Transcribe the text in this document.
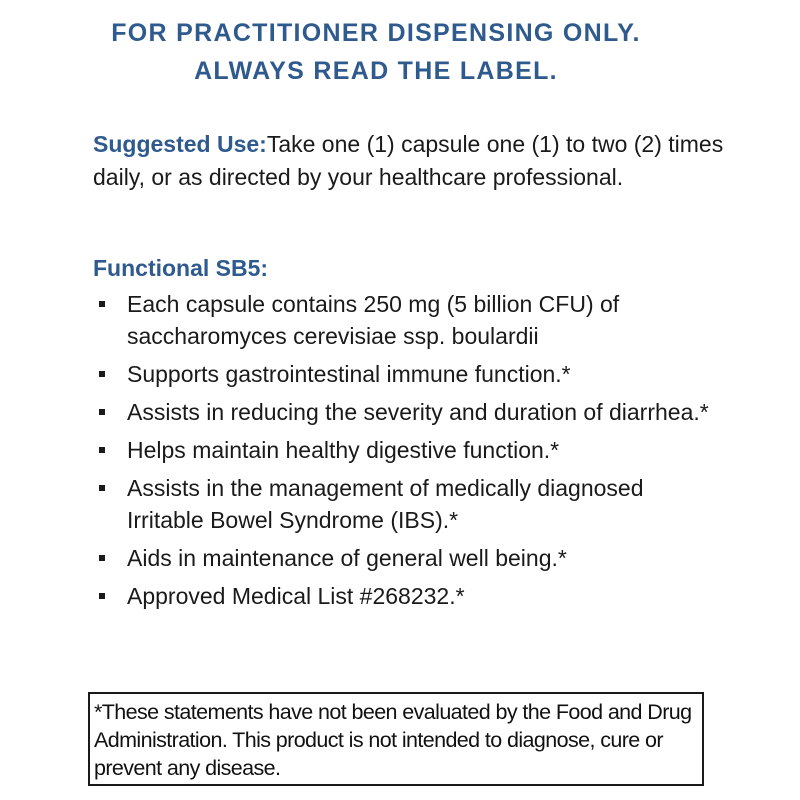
FOR PRACTITIONER DISPENSING ONLY.
ALWAYS READ THE LABEL.
Suggested Use:Take one (1) capsule one (1) to two (2) times daily, or as directed by your healthcare professional.
Functional SB5:
Each capsule contains 250 mg (5 billion CFU) of saccharomyces cerevisiae ssp. boulardii
Supports gastrointestinal immune function.*
Assists in reducing the severity and duration of diarrhea.*
Helps maintain healthy digestive function.*
Assists in the management of medically diagnosed Irritable Bowel Syndrome (IBS).*
Aids in maintenance of general well being.*
Approved Medical List #268232.*
*These statements have not been evaluated by the Food and Drug Administration. This product is not intended to diagnose, cure or prevent any disease.
